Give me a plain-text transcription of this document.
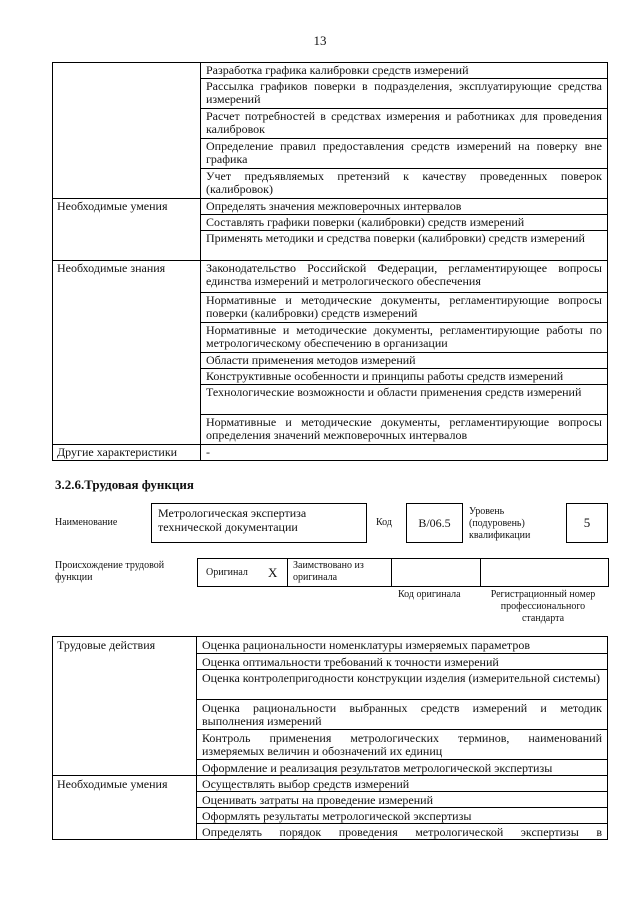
13
	Разработка графика калибровки средств измерений
	Рассылка графиков поверки в подразделения, эксплуатирующие средства измерений
	Расчет потребностей в средствах измерения и работниках для проведения калибровок
	Определение правил предоставления средств измерений на поверку вне графика
	Учет предъявляемых претензий к качеству проведенных поверок (калибровок)
Необходимые умения	Определять значения межповерочных интервалов
	Составлять графики поверки (калибровки) средств измерений
	Применять методики и средства поверки (калибровки) средств измерений
Необходимые знания	Законодательство Российской Федерации, регламентирующее вопросы единства измерений и метрологического обеспечения
	Нормативные и методические документы, регламентирующие вопросы поверки (калибровки) средств измерений
	Нормативные и методические документы, регламентирующие работы по метрологическому обеспечению в организации
	Области применения методов измерений
	Конструктивные особенности и принципы работы средств измерений
	Технологические возможности и области применения средств измерений
	Нормативные и методические документы, регламентирующие вопросы определения значений межповерочных интервалов
Другие характеристики	-
3.2.6.Трудовая функция
Наименование
Метрологическая экспертиза технической документации	Код	B/06.5
Уровень (подуровень) квалификации
5
Происхождение трудовой функции	Оригинал X Заимствовано из оригинала
Код оригинала	Регистрационный номер профессионального стандарта
Трудовые действия	Оценка рациональности номенклатуры измеряемых параметров
	Оценка оптимальности требований к точности измерений
	Оценка контролепригодности конструкции изделия (измерительной системы)
	Оценка рациональности выбранных средств измерений и методик выполнения измерений
	Контроль применения метрологических терминов, наименований измеряемых величин и обозначений их единиц
	Оформление и реализация результатов метрологической экспертизы
Необходимые умения	Осуществлять выбор средств измерений
	Оценивать затраты на проведение измерений
	Оформлять результаты метрологической экспертизы
	Определять порядок проведения метрологической экспертизы в
